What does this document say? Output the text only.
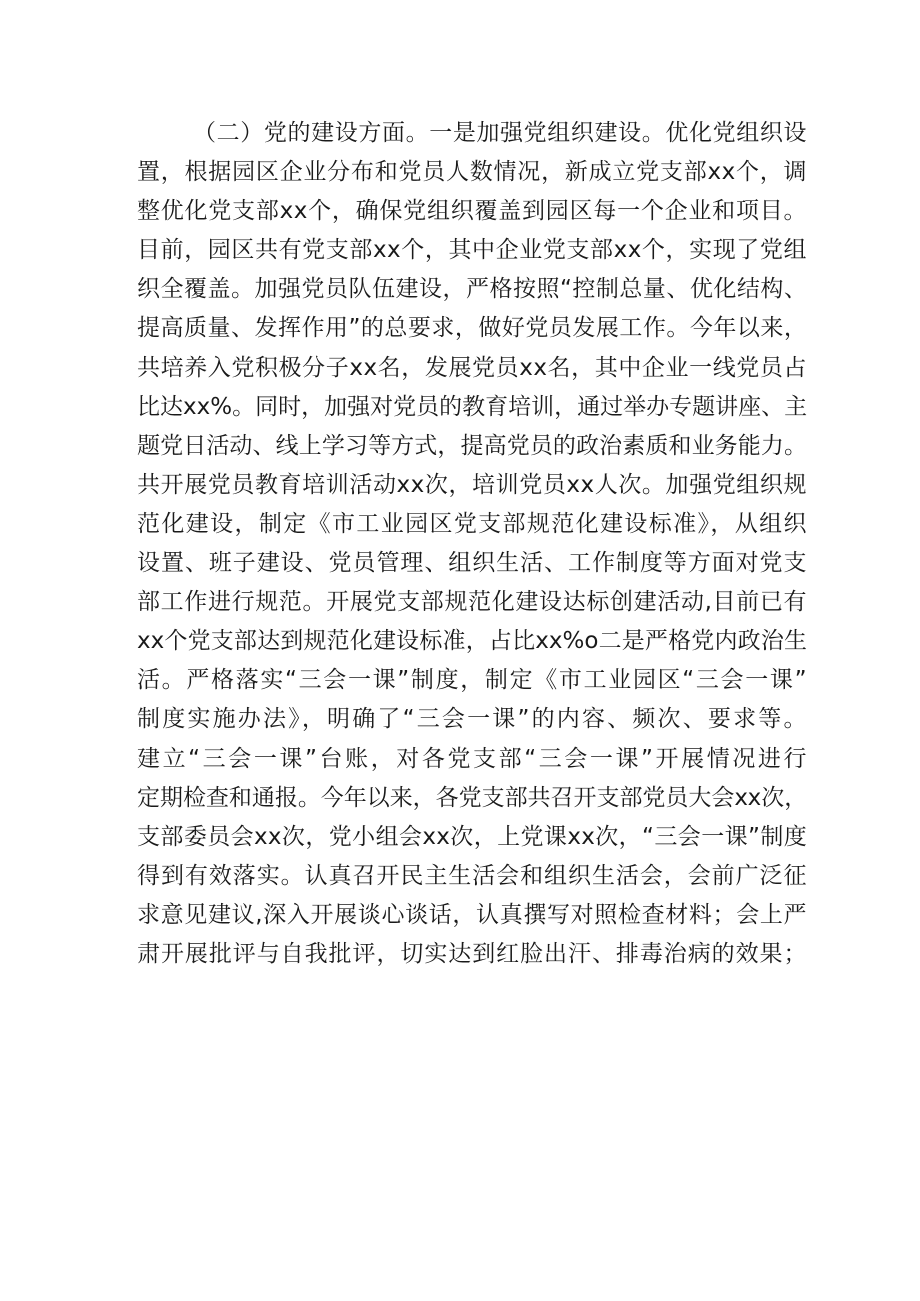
（二）党的建设方面。一是加强党组织建设。优化党组织设
置，根据园区企业分布和党员人数情况，新成立党支部xx个，调
整优化党支部xx个，确保党组织覆盖到园区每一个企业和项目。
目前，园区共有党支部xx个，其中企业党支部xx个，实现了党组
织全覆盖。加强党员队伍建设，严格按照“控制总量、优化结构、
提高质量、发挥作用”的总要求，做好党员发展工作。今年以来，
共培养入党积极分子xx名，发展党员xx名，其中企业一线党员占
比达xx%。同时，加强对党员的教育培训，通过举办专题讲座、主
题党日活动、线上学习等方式，提高党员的政治素质和业务能力。
共开展党员教育培训活动xx次，培训党员xx人次。加强党组织规
范化建设，制定《市工业园区党支部规范化建设标准》，从组织
设置、班子建设、党员管理、组织生活、工作制度等方面对党支
部工作进行规范。开展党支部规范化建设达标创建活动,目前已有
xx个党支部达到规范化建设标准，占比xx%o二是严格党内政治生
活。严格落实“三会一课”制度，制定《市工业园区“三会一课”
制度实施办法》，明确了“三会一课”的内容、频次、要求等。
建立“三会一课”台账，对各党支部“三会一课”开展情况进行
定期检查和通报。今年以来，各党支部共召开支部党员大会xx次，
支部委员会xx次，党小组会xx次，上党课xx次，“三会一课”制度
得到有效落实。认真召开民主生活会和组织生活会，会前广泛征
求意见建议,深入开展谈心谈话，认真撰写对照检查材料；会上严
肃开展批评与自我批评，切实达到红脸出汗、排毒治病的效果；
